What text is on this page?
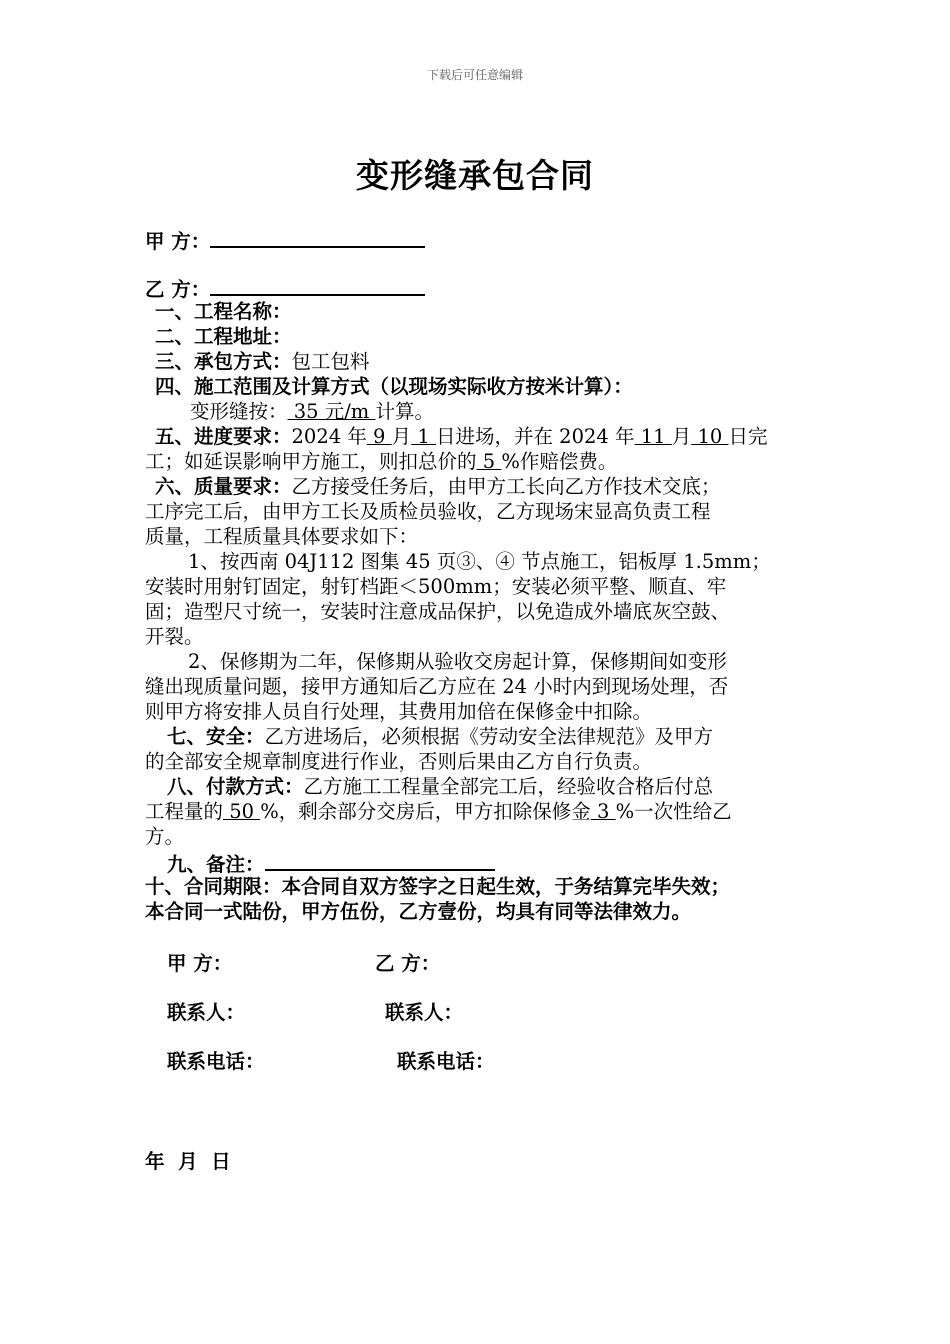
下载后可任意编辑
变形缝承包合同
甲 方：
乙 方：
一、工程名称：
二、工程地址：
三、承包方式：包工包料
四、施工范围及计算方式（以现场实际收方按米计算）：
变形缝按： 35 元/m 计算。
五、进度要求：2024 年 9 月 1 日进场，并在 2024 年 11 月 10 日完
工；如延误影响甲方施工，则扣总价的 5 %作赔偿费。
六、质量要求：乙方接受任务后，由甲方工长向乙方作技术交底；
工序完工后，由甲方工长及质检员验收，乙方现场宋显高负责工程
质量，工程质量具体要求如下：
1、按西南 04J112 图集 45 页③、④ 节点施工，铝板厚 1.5mm；
安装时用射钉固定，射钉档距＜500mm；安装必须平整、顺直、牢
固；造型尺寸统一，安装时注意成品保护，以免造成外墙底灰空鼓、
开裂。
2、保修期为二年，保修期从验收交房起计算，保修期间如变形
缝出现质量问题，接甲方通知后乙方应在 24 小时内到现场处理，否
则甲方将安排人员自行处理，其费用加倍在保修金中扣除。
七、安全：乙方进场后，必须根据《劳动安全法律规范》及甲方
的全部安全规章制度进行作业，否则后果由乙方自行负责。
八、付款方式：乙方施工工程量全部完工后，经验收合格后付总
工程量的 50 %，剩余部分交房后，甲方扣除保修金 3 %一次性给乙
方。
九、备注：
十、合同期限：本合同自双方签字之日起生效，于务结算完毕失效；
本合同一式陆份，甲方伍份，乙方壹份，均具有同等法律效力。
甲 方：	乙 方：
联系人：	联系人：
联系电话：	联系电话：
年  月  日
